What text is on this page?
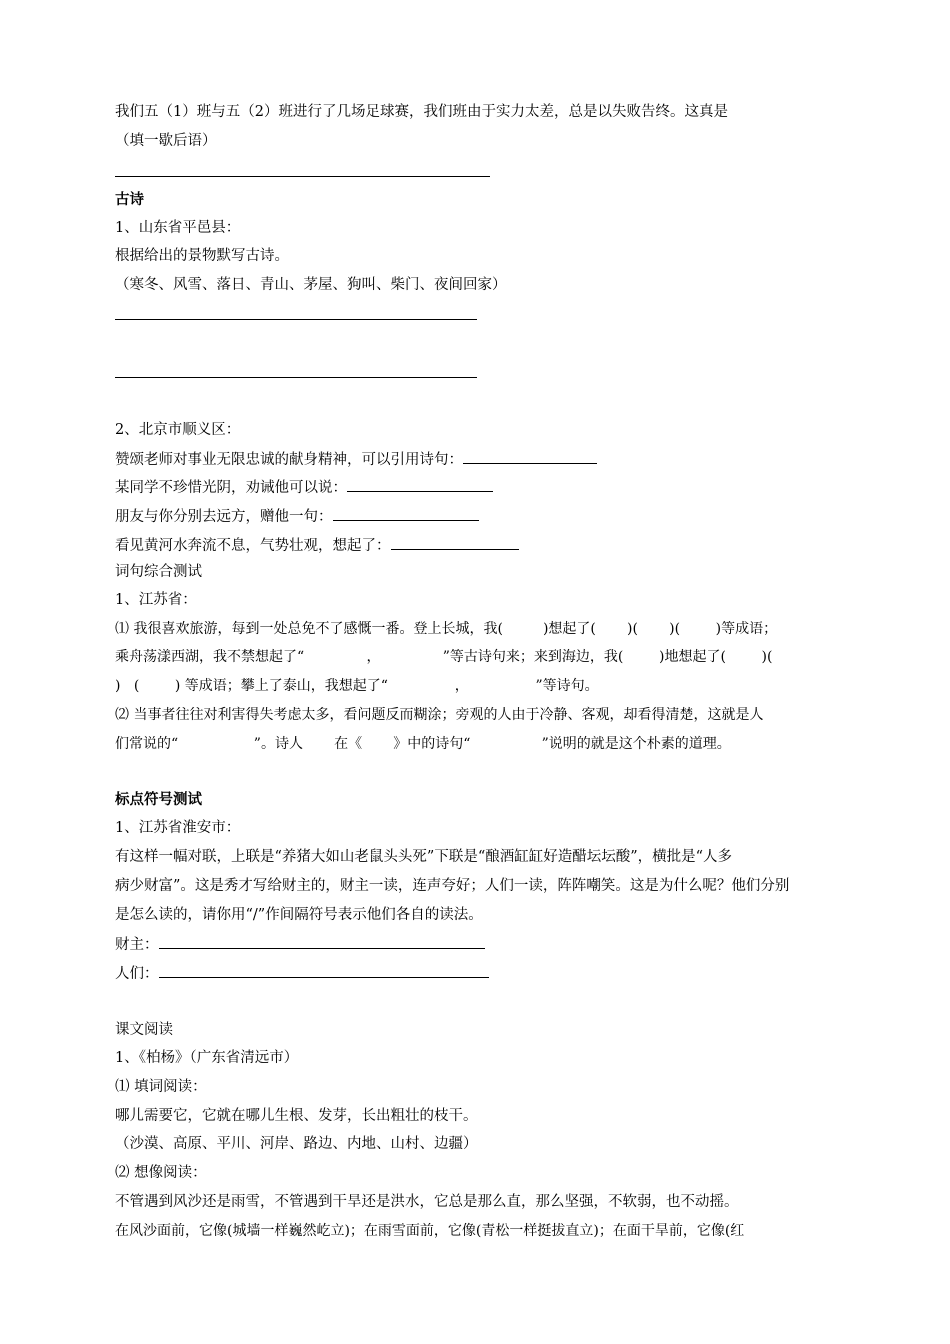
我们五（1）班与五（2）班进行了几场足球赛，我们班由于实力太差，总是以失败告终。这真是
（填一歇后语）
古诗
1、山东省平邑县：
根据给出的景物默写古诗。
（寒冬、风雪、落日、青山、茅屋、狗叫、柴门、夜间回家）
2、北京市顺义区：
赞颂老师对事业无限忠诚的献身精神，可以引用诗句：
某同学不珍惜光阴，劝诫他可以说：
朋友与你分别去远方，赠他一句：
看见黄河水奔流不息，气势壮观，想起了：
词句综合测试
1、江苏省：
⑴ 我很喜欢旅游，每到一处总免不了感慨一番。登上长城，我(         )想起了(       )(       )(        )等成语；
乘舟荡漾西湖，我不禁想起了“              ，              ”等古诗句来；来到海边，我(        )地想起了(        )(
)   (        ) 等成语；攀上了泰山，我想起了“               ，               ”等诗句。
⑵ 当事者往往对利害得失考虑太多，看问题反而糊涂；旁观的人由于冷静、客观，却看得清楚，这就是人
们常说的“                 ”。诗人       在《       》中的诗句“                ”说明的就是这个朴素的道理。
标点符号测试
1、江苏省淮安市：
有这样一幅对联，上联是“养猪大如山老鼠头头死”下联是“酿酒缸缸好造醋坛坛酸”，横批是“人多
病少财富”。这是秀才写给财主的，财主一读，连声夸好；人们一读，阵阵嘲笑。这是为什么呢？他们分别
是怎么读的，请你用“/”作间隔符号表示他们各自的读法。
财主：
人们：
课文阅读
1、《柏杨》（广东省清远市）
⑴ 填词阅读：
哪儿需要它，它就在哪儿生根、发芽，长出粗壮的枝干。
（沙漠、高原、平川、河岸、路边、内地、山村、边疆）
⑵ 想像阅读：
不管遇到风沙还是雨雪，不管遇到干旱还是洪水，它总是那么直，那么坚强，不软弱，也不动摇。
在风沙面前，它像(城墙一样巍然屹立)；在雨雪面前，它像(青松一样挺拔直立)；在面干旱前，它像(红
